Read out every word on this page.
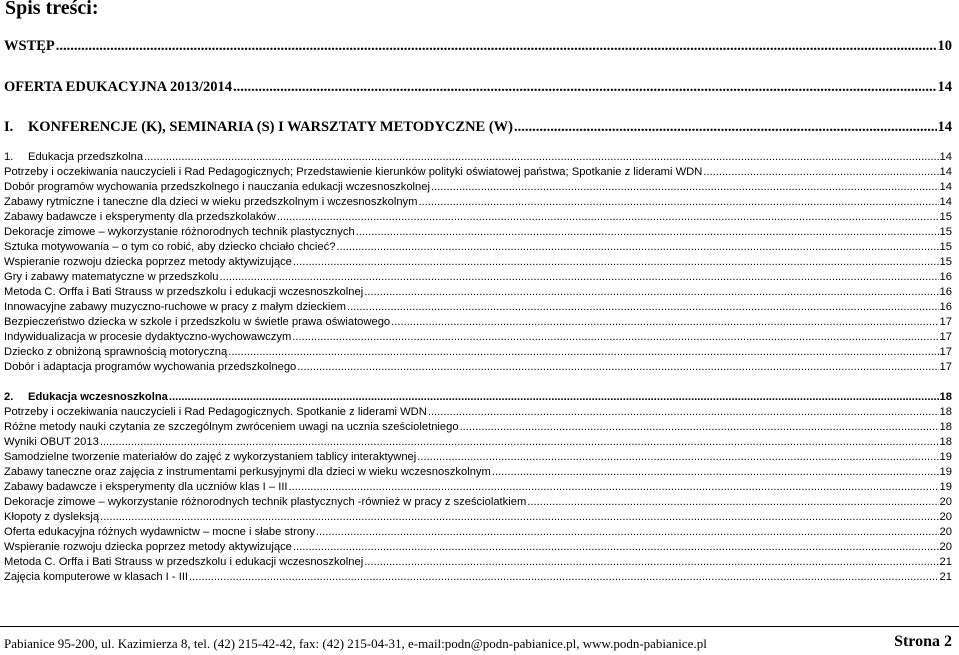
Spis treści:
WSTĘP .....	10
OFERTA EDUKACYJNA 2013/2014 .....	14
I. KONFERENCJE (K), SEMINARIA (S) I WARSZTATY METODYCZNE (W) .....	14
1. Edukacja przedszkolna .....	14
Potrzeby i oczekiwania nauczycieli i Rad Pedagogicznych; Przedstawienie kierunków polityki oświatowej państwa; Spotkanie z liderami WDN .....	14
Dobór programów wychowania przedszkolnego i nauczania edukacji wczesnoszkolnej .....	14
Zabawy rytmiczne i taneczne dla dzieci w wieku przedszkolnym i wczesnoszkolnym .....	14
Zabawy badawcze i eksperymenty dla przedszkolaków .....	15
Dekoracje zimowe – wykorzystanie różnorodnych technik plastycznych .....	15
Sztuka motywowania – o tym co robić, aby dziecko chciało chcieć? .....	15
Wspieranie rozwoju dziecka poprzez metody aktywizujące .....	15
Gry i zabawy matematyczne w przedszkolu .....	16
Metoda C. Orffa i Bati Strauss w przedszkolu i edukacji wczesnoszkolnej .....	16
Innowacyjne zabawy muzyczno-ruchowe w pracy z małym dzieckiem .....	16
Bezpieczeństwo dziecka w szkole i przedszkolu w świetle prawa oświatowego .....	17
Indywidualizacja w procesie dydaktyczno-wychowawczym .....	17
Dziecko z obniżoną sprawnością motoryczną .....	17
Dobór i adaptacja programów wychowania przedszkolnego .....	17
2. Edukacja wczesnoszkolna .....	18
Potrzeby i oczekiwania nauczycieli i Rad Pedagogicznych. Spotkanie z liderami WDN .....	18
Różne metody nauki czytania ze szczególnym zwróceniem uwagi na ucznia sześcioletniego .....	18
Wyniki OBUT 2013 .....	18
Samodzielne tworzenie materiałów do zajęć z wykorzystaniem tablicy interaktywnej .....	19
Zabawy taneczne oraz zajęcia z instrumentami perkusyjnymi dla dzieci w wieku wczesnoszkolnym .....	19
Zabawy badawcze i eksperymenty dla uczniów klas I – III .....	19
Dekoracje zimowe – wykorzystanie różnorodnych technik plastycznych -również w pracy z sześciolatkiem .....	20
Kłopoty z dysleksją .....	20
Oferta edukacyjna różnych wydawnictw – mocne i słabe strony .....	20
Wspieranie rozwoju dziecka poprzez metody aktywizujące .....	20
Metoda C. Orffa i Bati Strauss w przedszkolu i edukacji wczesnoszkolnej .....	21
Zajęcia komputerowe w klasach I - III .....	21
Pabianice 95-200, ul. Kazimierza 8, tel. (42) 215-42-42, fax: (42) 215-04-31, e-mail:podn@podn-pabianice.pl, www.podn-pabianice.pl	Strona 2
